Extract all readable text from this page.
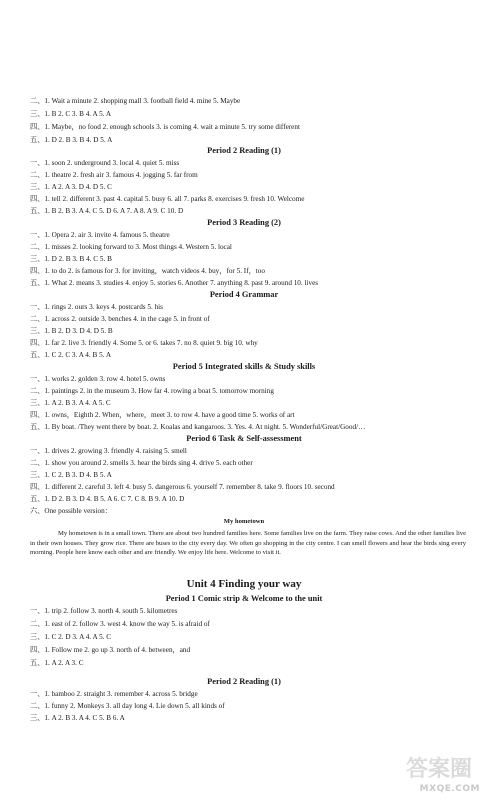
二、1. Wait a minute 2. shopping mall 3. football field 4. mine 5. Maybe
三、1. B 2. C 3. B 4. A 5. A
四、1. Maybe，no food 2. enough schools 3. is coming 4. wait a minute 5. try some different
五、1. D 2. B 3. B 4. D 5. A
Period 2 Reading (1)
一、1. soon 2. underground 3. local 4. quiet 5. miss
二、1. theatre 2. fresh air 3. famous 4. jogging 5. far from
三、1. A 2. A 3. D 4. D 5. C
四、1. tell 2. different 3. past 4. capital 5. busy 6. all 7. parks 8. exercises 9. fresh 10. Welcome
五、1. B 2. B 3. A 4. C 5. D 6. A 7. A 8. A 9. C 10. D
Period 3 Reading (2)
一、1. Opera 2. air 3. invite 4. famous 5. theatre
二、1. misses 2. looking forward to 3. Most things 4. Western 5. local
三、1. D 2. B 3. B 4. C 5. B
四、1. to do 2. is famous for 3. for inviting，watch videos 4. buy，for 5. If，too
五、1. What 2. means 3. studies 4. enjoy 5. stories 6. Another 7. anything 8. past 9. around 10. lives
Period 4 Grammar
一、1. rings 2. ours 3. keys 4. postcards 5. his
二、1. across 2. outside 3. benches 4. in the cage 5. in front of
三、1. B 2. D 3. D 4. D 5. B
四、1. far 2. live 3. friendly 4. Some 5. or 6. takes 7. no 8. quiet 9. big 10. why
五、1. C 2. C 3. A 4. B 5. A
Period 5 Integrated skills & Study skills
一、1. works 2. golden 3. row 4. hotel 5. owns
二、1. paintings 2. in the museum 3. How far 4. rowing a boat 5. tomorrow morning
三、1. A 2. B 3. A 4. A 5. C
四、1. owns，Eighth 2. When，where，meet 3. to row 4. have a good time 5. works of art
五、1. By boat. /They went there by boat. 2. Koalas and kangaroos. 3. Yes. 4. At night. 5. Wonderful/Great/Good/…
Period 6 Task & Self-assessment
一、1. drives 2. growing 3. friendly 4. raising 5. smell
二、1. show you around 2. smells 3. hear the birds sing 4. drive 5. each other
三、1. C 2. B 3. D 4. B 5. A
四、1. different 2. careful 3. left 4. busy 5. dangerous 6. yourself 7. remember 8. take 9. floors 10. second
五、1. D 2. B 3. D 4. B 5. A 6. C 7. C 8. B 9. A 10. D
六、One possible version：
My hometown
My hometown is in a small town. There are about two hundred families here. Some families live on the farm. They raise cows. And the other families live in their own houses. They grow rice. There are buses to the city every day. We often go shopping in the city centre. I can smell flowers and hear the birds sing every morning. People here know each other and are friendly. We enjoy life here. Welcome to visit it.
Unit 4 Finding your way
Period 1 Comic strip & Welcome to the unit
一、1. trip 2. follow 3. north 4. south 5. kilometres
二、1. east of 2. follow 3. west 4. know the way 5. is afraid of
三、1. C 2. D 3. A 4. A 5. C
四、1. Follow me 2. go up 3. north of 4. between，and
五、1. A 2. A 3. C
Period 2 Reading (1)
一、1. bamboo 2. straight 3. remember 4. across 5. bridge
二、1. funny 2. Monkeys 3. all day long 4. Lie down 5. all kinds of
三、1. A 2. B 3. A 4. C 5. B 6. A
答案圈
MXQE.COM
